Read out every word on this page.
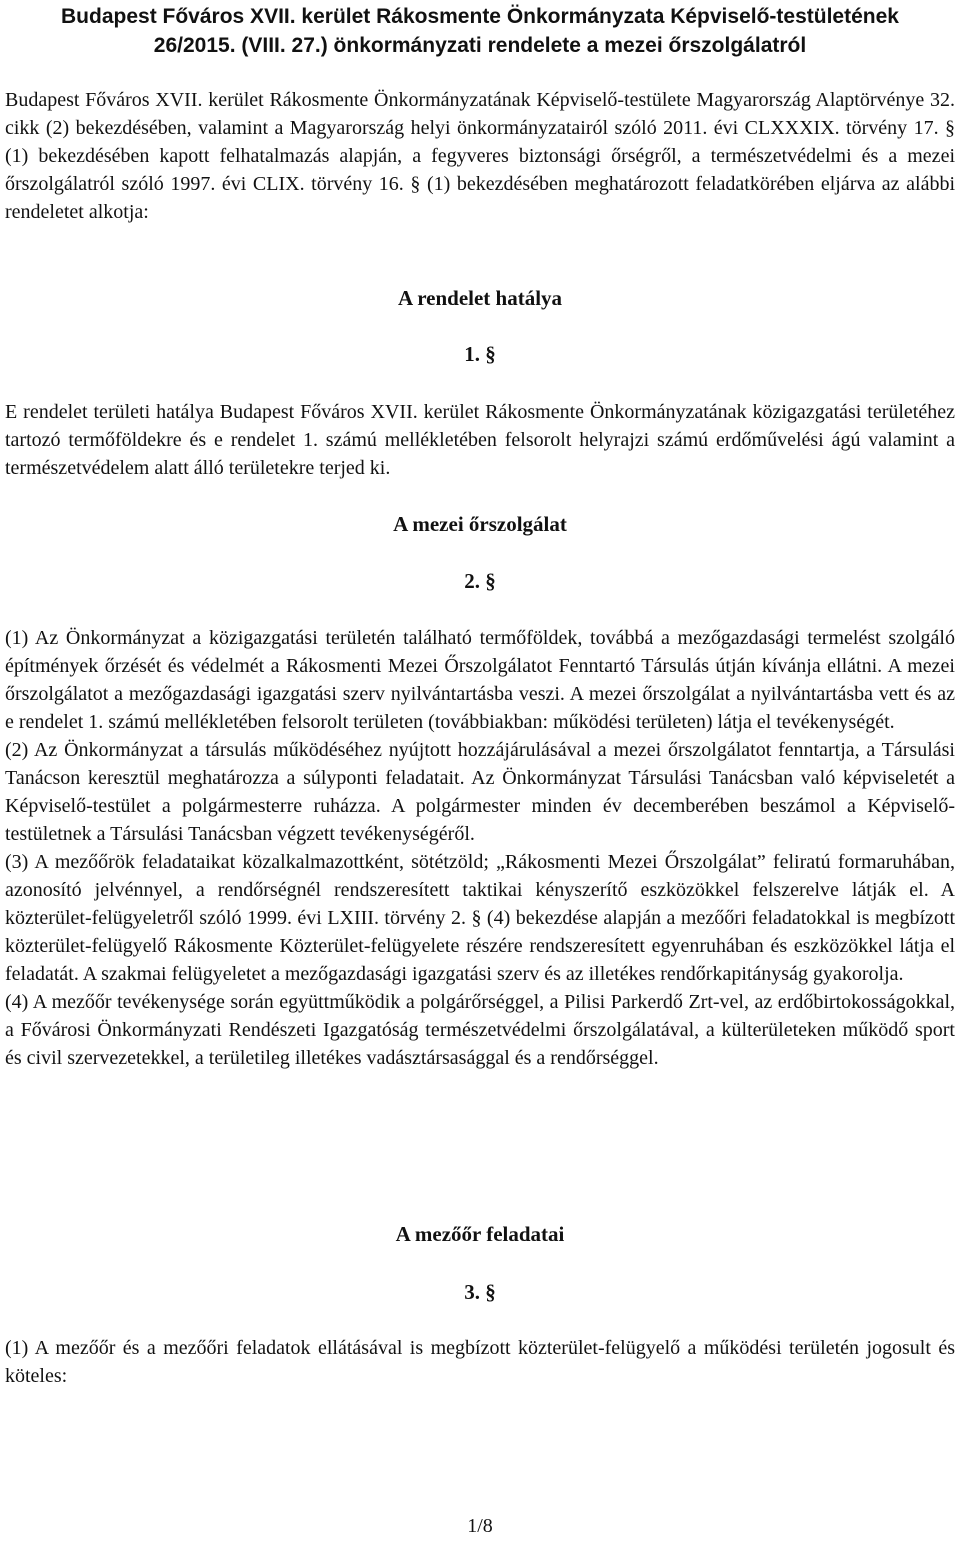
Budapest Főváros XVII. kerület Rákosmente Önkormányzata Képviselő-testületének
26/2015. (VIII. 27.) önkormányzati rendelete a mezei őrszolgálatról

Budapest Főváros XVII. kerület Rákosmente Önkormányzatának Képviselő-testülete Magyarország Alaptörvénye 32. cikk (2) bekezdésében, valamint a Magyarország helyi önkormányzatairól szóló 2011. évi CLXXXIX. törvény 17. § (1) bekezdésében kapott felhatalmazás alapján, a fegyveres biztonsági őrségről, a természetvédelmi és a mezei őrszolgálatról szóló 1997. évi CLIX. törvény 16. § (1) bekezdésében meghatározott feladatkörében eljárva az alábbi rendeletet alkotja:

A rendelet hatálya
1. §

E rendelet területi hatálya Budapest Főváros XVII. kerület Rákosmente Önkormányzatának közigazgatási területéhez tartozó termőföldekre és e rendelet 1. számú mellékletében felsorolt helyrajzi számú erdőművelési ágú valamint a természetvédelem alatt álló területekre terjed ki.

A mezei őrszolgálat
2. §

(1) Az Önkormányzat a közigazgatási területén található termőföldek, továbbá a mezőgazdasági termelést szolgáló építmények őrzését és védelmét a Rákosmenti Mezei Őrszolgálatot Fenntartó Társulás útján kívánja ellátni. A mezei őrszolgálatot a mezőgazdasági igazgatási szerv nyilvántartásba veszi. A mezei őrszolgálat a nyilvántartásba vett és az e rendelet 1. számú mellékletében felsorolt területen (továbbiakban: működési területen) látja el tevékenységét.

(2) Az Önkormányzat a társulás működéséhez nyújtott hozzájárulásával a mezei őrszolgálatot fenntartja, a Társulási Tanácson keresztül meghatározza a súlyponti feladatait. Az Önkormányzat Társulási Tanácsban való képviseletét a Képviselő-testület a polgármesterre ruházza. A polgármester minden év decemberében beszámol a Képviselő-testületnek a Társulási Tanácsban végzett tevékenységéről.

(3) A mezőőrök feladataikat közalkalmazottként, sötétzöld; „Rákosmenti Mezei Őrszolgálat” feliratú formaruhában, azonosító jelvénnyel, a rendőrségnél rendszeresített taktikai kényszerítő eszközökkel felszerelve látják el. A közterület-felügyeletről szóló 1999. évi LXIII. törvény 2. § (4) bekezdése alapján a mezőőri feladatokkal is megbízott közterület-felügyelő Rákosmente Közterület-felügyelete részére rendszeresített egyenruhában és eszközökkel látja el feladatát. A szakmai felügyeletet a mezőgazdasági igazgatási szerv és az illetékes rendőrkapitányság gyakorolja.

(4) A mezőőr tevékenysége során együttműködik a polgárőrséggel, a Pilisi Parkerdő Zrt-vel, az erdőbirtokosságokkal, a Fővárosi Önkormányzati Rendészeti Igazgatóság természetvédelmi őrszolgálatával, a külterületeken működő sport és civil szervezetekkel, a területileg illetékes vadásztársasággal és a rendőrséggel.

A mezőőr feladatai
3. §

(1) A mezőőr és a mezőőri feladatok ellátásával is megbízott közterület-felügyelő a működési területén jogosult és köteles:

1/8
